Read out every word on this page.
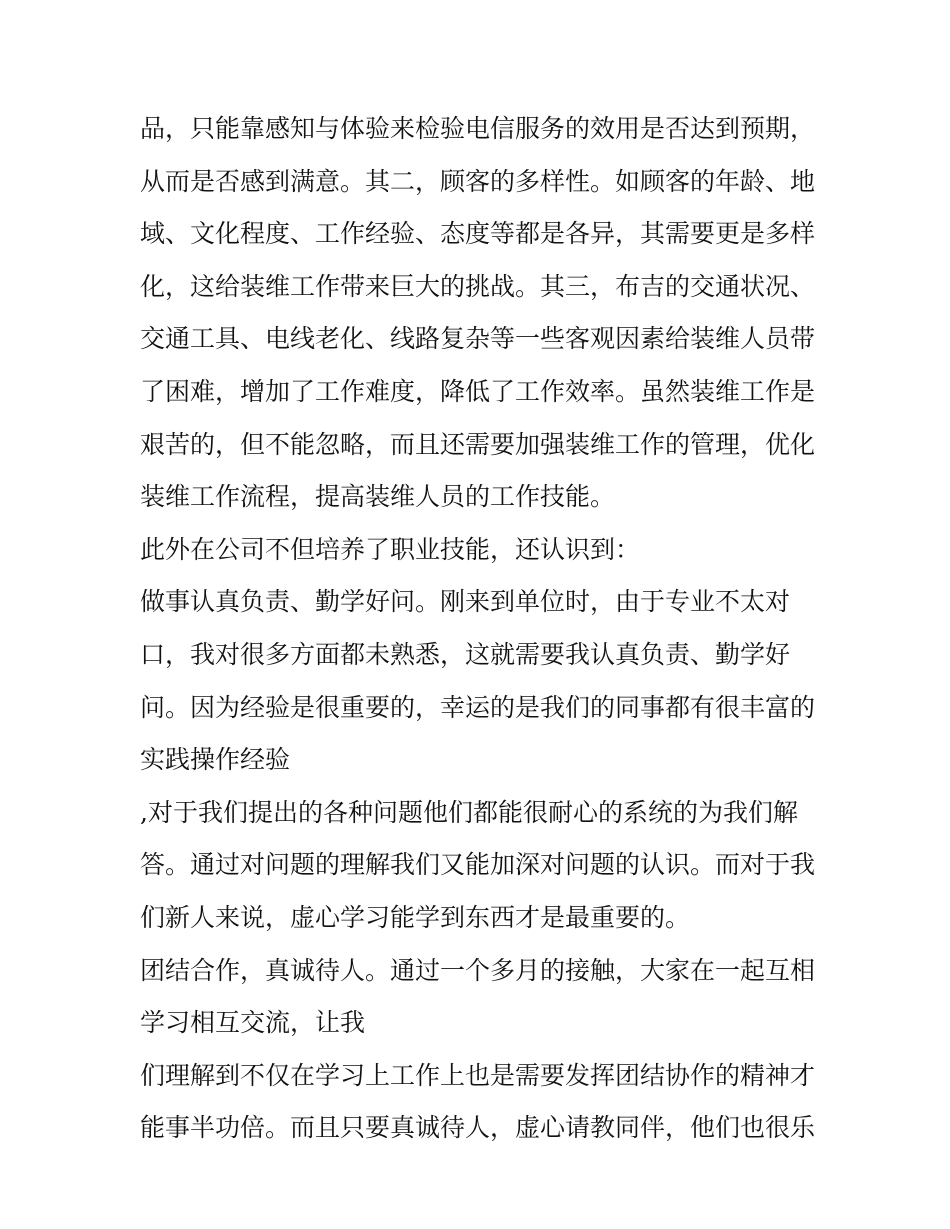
品，只能靠感知与体验来检验电信服务的效用是否达到预期，
从而是否感到满意。其二，顾客的多样性。如顾客的年龄、地
域、文化程度、工作经验、态度等都是各异，其需要更是多样
化，这给装维工作带来巨大的挑战。其三，布吉的交通状况、
交通工具、电线老化、线路复杂等一些客观因素给装维人员带
了困难，增加了工作难度，降低了工作效率。虽然装维工作是
艰苦的，但不能忽略，而且还需要加强装维工作的管理，优化
装维工作流程，提高装维人员的工作技能。
此外在公司不但培养了职业技能，还认识到：
做事认真负责、勤学好问。刚来到单位时，由于专业不太对
口，我对很多方面都未熟悉，这就需要我认真负责、勤学好
问。因为经验是很重要的，幸运的是我们的同事都有很丰富的
实践操作经验
,对于我们提出的各种问题他们都能很耐心的系统的为我们解
答。通过对问题的理解我们又能加深对问题的认识。而对于我
们新人来说，虚心学习能学到东西才是最重要的。
团结合作，真诚待人。通过一个多月的接触，大家在一起互相
学习相互交流，让我
们理解到不仅在学习上工作上也是需要发挥团结协作的精神才
能事半功倍。而且只要真诚待人，虚心请教同伴，他们也很乐
